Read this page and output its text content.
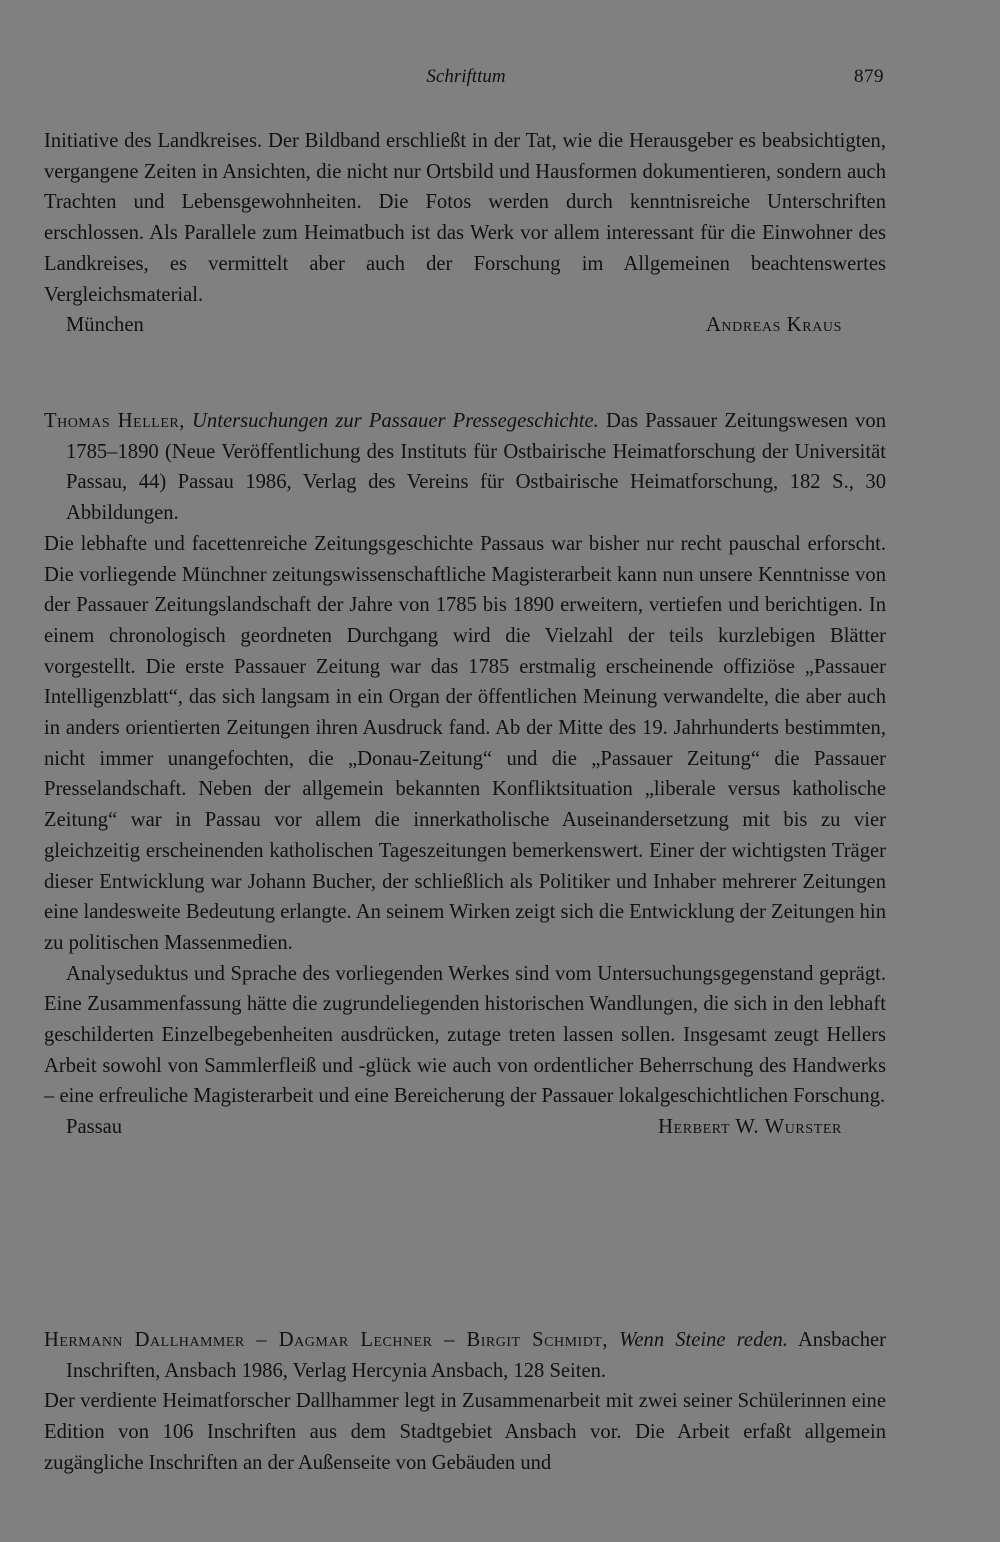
Schrifttum	879

Initiative des Landkreises. Der Bildband erschließt in der Tat, wie die Herausgeber es beabsichtigten, vergangene Zeiten in Ansichten, die nicht nur Ortsbild und Hausformen dokumentieren, sondern auch Trachten und Lebensgewohnheiten. Die Fotos werden durch kenntnisreiche Unterschriften erschlossen. Als Parallele zum Heimatbuch ist das Werk vor allem interessant für die Einwohner des Landkreises, es vermittelt aber auch der Forschung im Allgemeinen beachtenswertes Vergleichsmaterial.

München	Andreas Kraus

Thomas Heller, Untersuchungen zur Passauer Pressegeschichte. Das Passauer Zeitungswesen von 1785–1890 (Neue Veröffentlichung des Instituts für Ostbairische Heimatforschung der Universität Passau, 44) Passau 1986, Verlag des Vereins für Ostbairische Heimatforschung, 182 S., 30 Abbildungen.

Die lebhafte und facettenreiche Zeitungsgeschichte Passaus war bisher nur recht pauschal erforscht. Die vorliegende Münchner zeitungswissenschaftliche Magisterarbeit kann nun unsere Kenntnisse von der Passauer Zeitungslandschaft der Jahre von 1785 bis 1890 erweitern, vertiefen und berichtigen. In einem chronologisch geordneten Durchgang wird die Vielzahl der teils kurzlebigen Blätter vorgestellt. Die erste Passauer Zeitung war das 1785 erstmalig erscheinende offiziöse „Passauer Intelligenzblatt“, das sich langsam in ein Organ der öffentlichen Meinung verwandelte, die aber auch in anders orientierten Zeitungen ihren Ausdruck fand. Ab der Mitte des 19. Jahrhunderts bestimmten, nicht immer unangefochten, die „Donau-Zeitung“ und die „Passauer Zeitung“ die Passauer Presselandschaft. Neben der allgemein bekannten Konfliktsituation „liberale versus katholische Zeitung“ war in Passau vor allem die innerkatholische Auseinandersetzung mit bis zu vier gleichzeitig erscheinenden katholischen Tageszeitungen bemerkenswert. Einer der wichtigsten Träger dieser Entwicklung war Johann Bucher, der schließlich als Politiker und Inhaber mehrerer Zeitungen eine landesweite Bedeutung erlangte. An seinem Wirken zeigt sich die Entwicklung der Zeitungen hin zu politischen Massenmedien.

Analyseduktus und Sprache des vorliegenden Werkes sind vom Untersuchungsgegenstand geprägt. Eine Zusammenfassung hätte die zugrundeliegenden historischen Wandlungen, die sich in den lebhaft geschilderten Einzelbegebenheiten ausdrücken, zutage treten lassen sollen. Insgesamt zeugt Hellers Arbeit sowohl von Sammlerfleiß und -glück wie auch von ordentlicher Beherrschung des Handwerks – eine erfreuliche Magisterarbeit und eine Bereicherung der Passauer lokalgeschichtlichen Forschung.

Passau	Herbert W. Wurster

Hermann Dallhammer – Dagmar Lechner – Birgit Schmidt, Wenn Steine reden. Ansbacher Inschriften, Ansbach 1986, Verlag Hercynia Ansbach, 128 Seiten.

Der verdiente Heimatforscher Dallhammer legt in Zusammenarbeit mit zwei seiner Schülerinnen eine Edition von 106 Inschriften aus dem Stadtgebiet Ansbach vor. Die Arbeit erfaßt allgemein zugängliche Inschriften an der Außenseite von Gebäuden und
